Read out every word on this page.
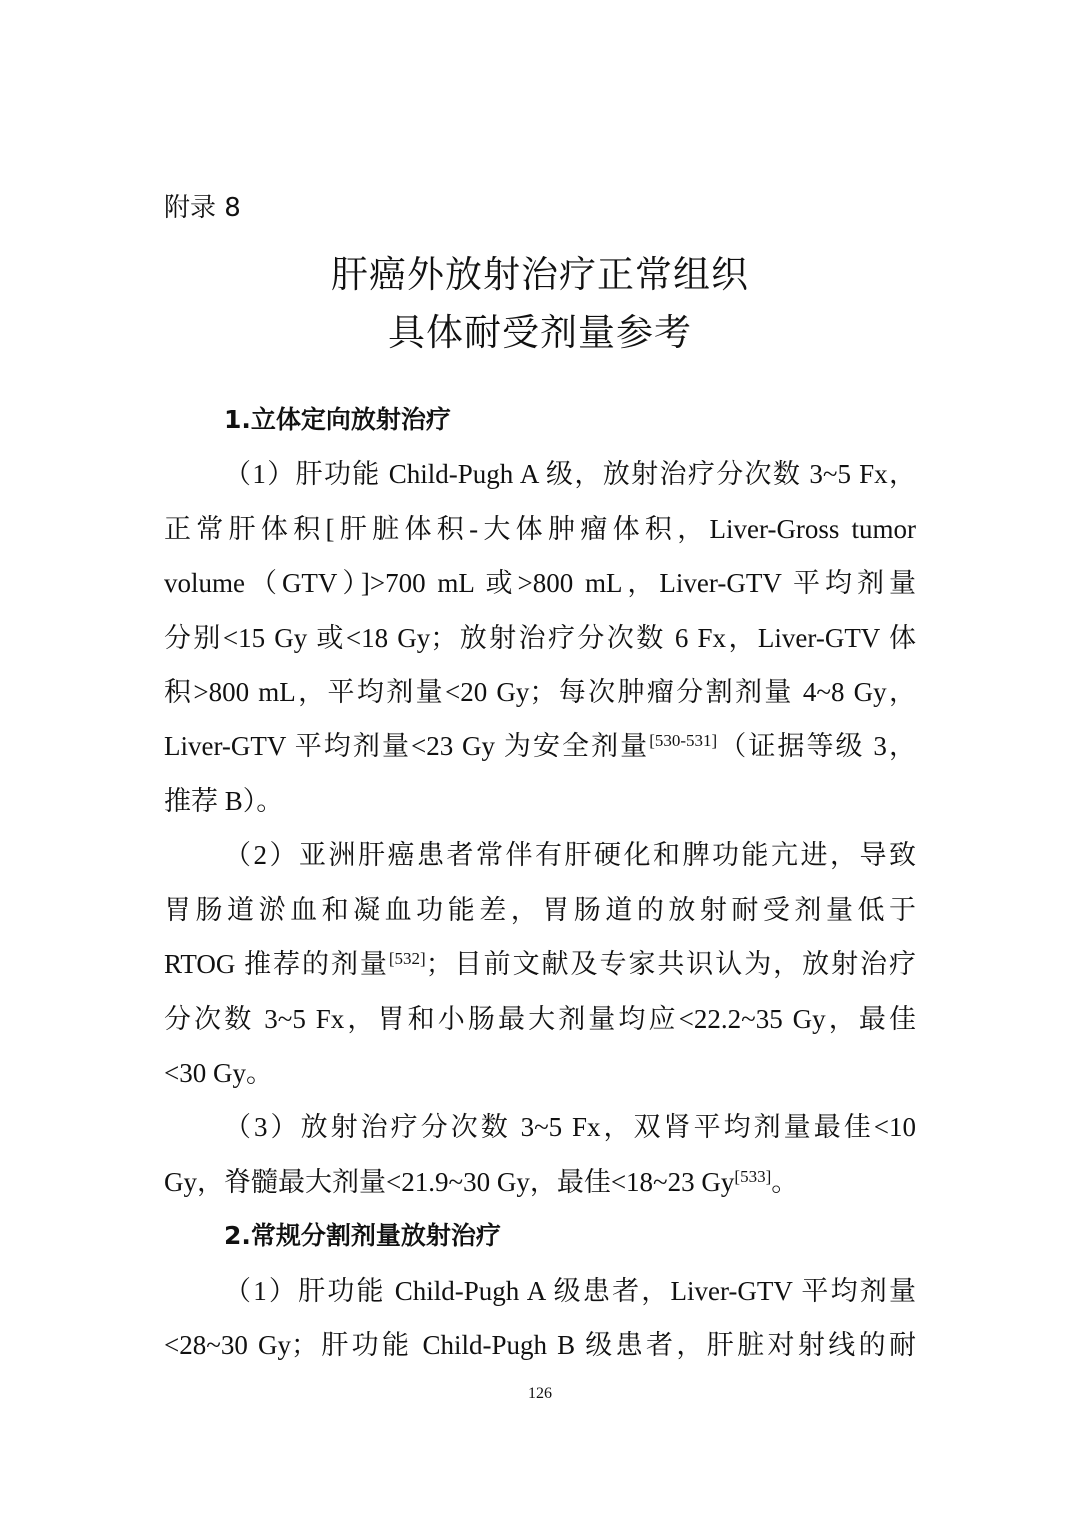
附录 8
肝癌外放射治疗正常组织
具体耐受剂量参考
1.立体定向放射治疗
（1）肝功能 Child-Pugh A 级，放射治疗分次数 3~5 Fx，
正常肝体积[肝脏体积-大体肿瘤体积，Liver-Gross tumor
volume（GTV）]>700 mL 或>800 mL，Liver-GTV 平均剂量
分别<15 Gy 或<18 Gy；放射治疗分次数 6 Fx，Liver-GTV 体
积>800 mL，平均剂量<20 Gy；每次肿瘤分割剂量 4~8 Gy，
Liver-GTV 平均剂量<23 Gy 为安全剂量[530-531]（证据等级 3，
推荐 B）。
（2）亚洲肝癌患者常伴有肝硬化和脾功能亢进，导致
胃肠道淤血和凝血功能差，胃肠道的放射耐受剂量低于
RTOG 推荐的剂量[532]；目前文献及专家共识认为，放射治疗
分次数 3~5 Fx，胃和小肠最大剂量均应<22.2~35 Gy，最佳
<30 Gy。
（3）放射治疗分次数 3~5 Fx，双肾平均剂量最佳<10
Gy，脊髓最大剂量<21.9~30 Gy，最佳<18~23 Gy[533]。
2.常规分割剂量放射治疗
（1）肝功能 Child-Pugh A 级患者，Liver-GTV 平均剂量
<28~30 Gy；肝功能 Child-Pugh B 级患者，肝脏对射线的耐
126
